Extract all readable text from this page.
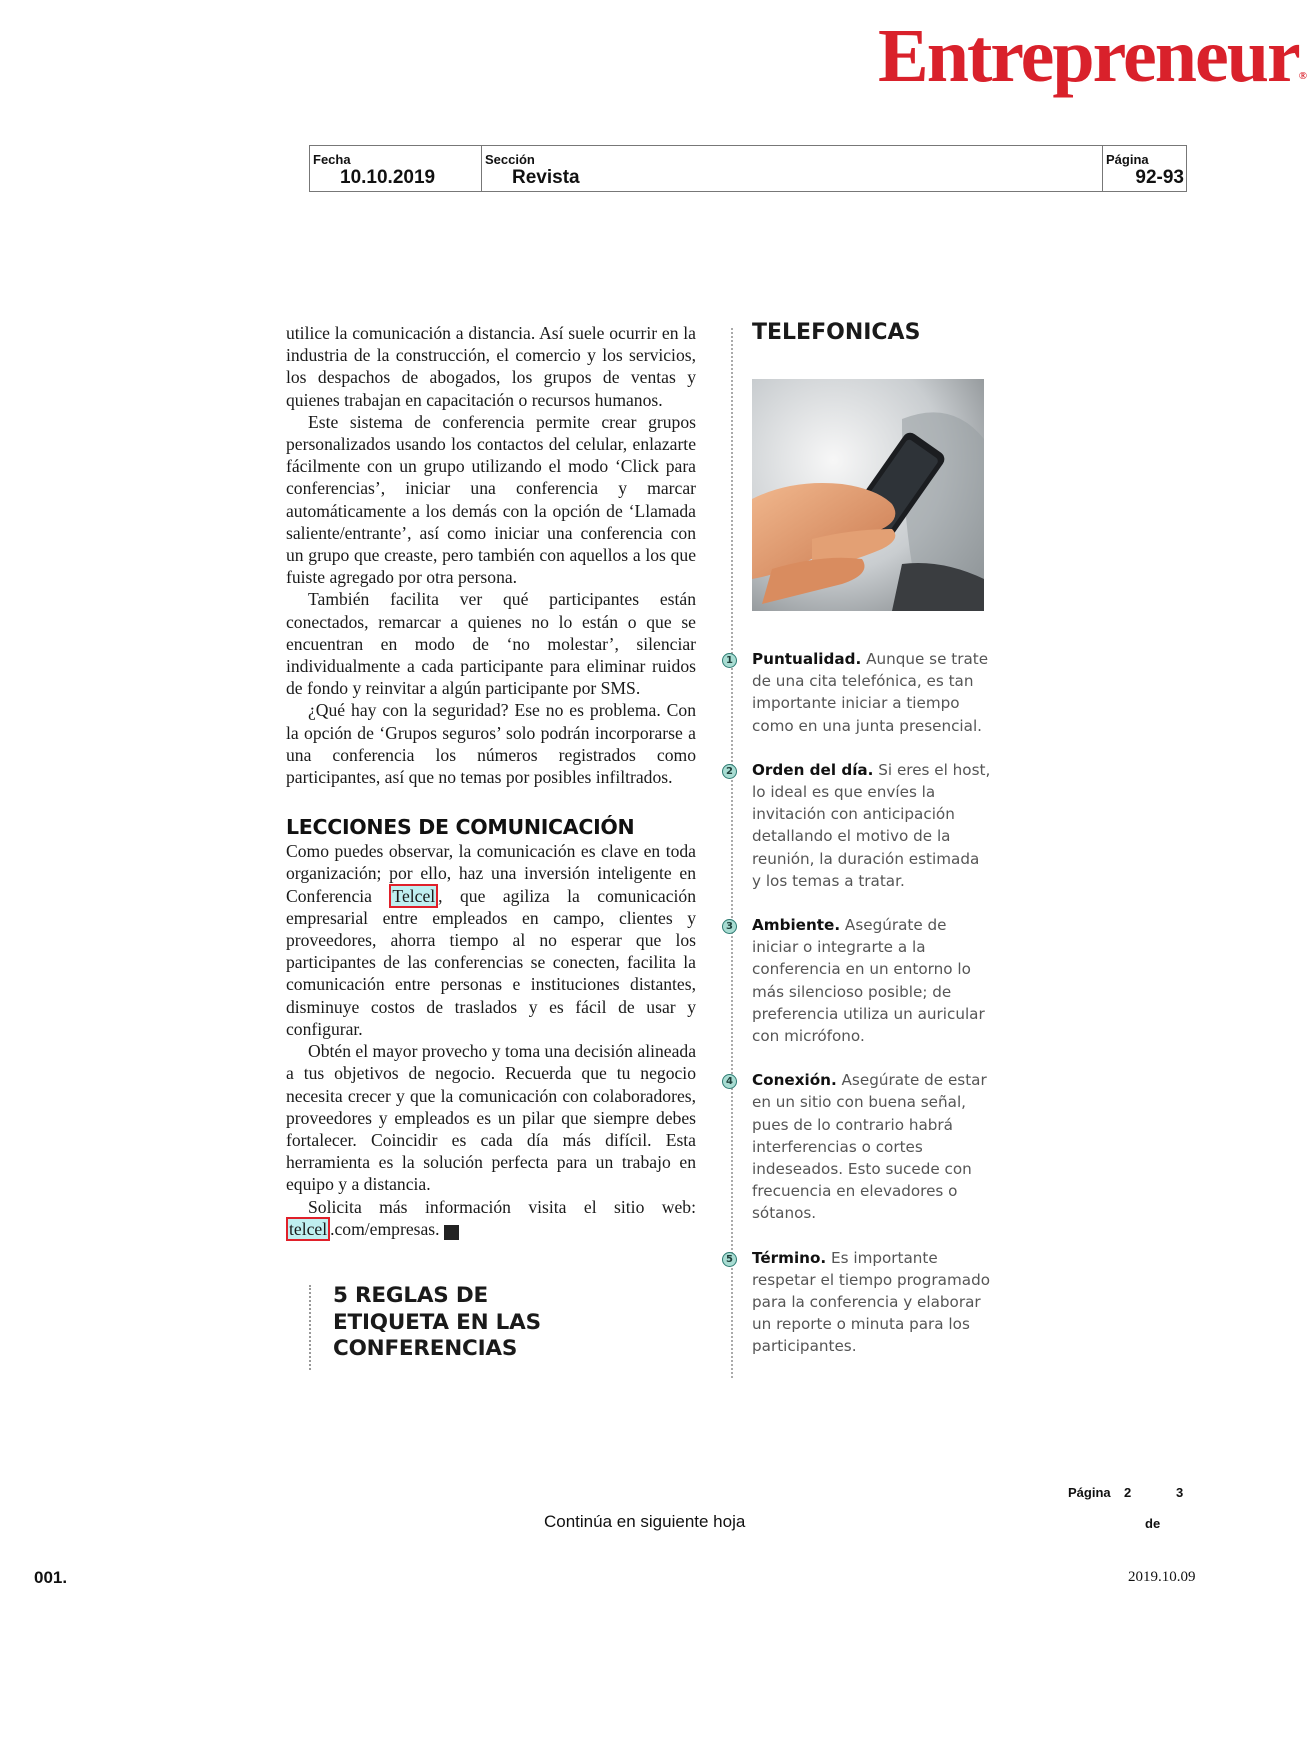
Entrepreneur®
Fecha
10.10.2019
Sección
Revista
Página
92-93

utilice la comunicación a distancia. Así suele ocurrir en la industria de la construcción, el comercio y los servicios, los despachos de abogados, los grupos de ventas y quienes trabajan en capacitación o recursos humanos.

Este sistema de conferencia permite crear grupos personalizados usando los contactos del celular, enlazarte fácilmente con un grupo utilizando el modo ‘Click para conferencias’, iniciar una conferencia y marcar automáticamente a los demás con la opción de ‘Llamada saliente/entrante’, así como iniciar una conferencia con un grupo que creaste, pero también con aquellos a los que fuiste agregado por otra persona.

También facilita ver qué participantes están conectados, remarcar a quienes no lo están o que se encuentran en modo de ‘no molestar’, silenciar individualmente a cada participante para eliminar ruidos de fondo y reinvitar a algún participante por SMS.

¿Qué hay con la seguridad? Ese no es problema. Con la opción de ‘Grupos seguros’ solo podrán incorporarse a una conferencia los números registrados como participantes, así que no temas por posibles infiltrados.

LECCIONES DE COMUNICACIÓN

Como puedes observar, la comunicación es clave en toda organización; por ello, haz una inversión inteligente en Conferencia Telcel , que agiliza la comunicación empresarial entre empleados en campo, clientes y proveedores, ahorra tiempo al no esperar que los participantes de las conferencias se conecten, facilita la comunicación entre personas e instituciones distantes, disminuye costos de traslados y es fácil de usar y configurar.

Obtén el mayor provecho y toma una decisión alineada a tus objetivos de negocio. Recuerda que tu negocio necesita crecer y que la comunicación con colaboradores, proveedores y empleados es un pilar que siempre debes fortalecer. Coincidir es cada día más difícil. Esta herramienta es la solución perfecta para un trabajo en equipo y a distancia.

Solicita más información visita el sitio web: telcel .com/empresas. E

5 REGLAS DE
ETIQUETA EN LAS
CONFERENCIAS
TELEFONICAS
1 Puntualidad. Aunque se trate de una cita telefónica, es tan importante iniciar a tiempo como en una junta presencial.
2 Orden del día. Si eres el host, lo ideal es que envíes la invitación con anticipación detallando el motivo de la reunión, la duración estimada y los temas a tratar.
3 Ambiente. Asegúrate de iniciar o integrarte a la conferencia en un entorno lo más silencioso posible; de preferencia utiliza un auricular con micrófono.
4 Conexión. Asegúrate de estar en un sitio con buena señal, pues de lo contrario habrá interferencias o cortes indeseados. Esto sucede con frecuencia en elevadores o sótanos.
5 Término. Es importante respetar el tiempo programado para la conferencia y elaborar un reporte o minuta para los participantes.
Página 2	3
de
Continúa en siguiente hoja
001.	2019.10.09
